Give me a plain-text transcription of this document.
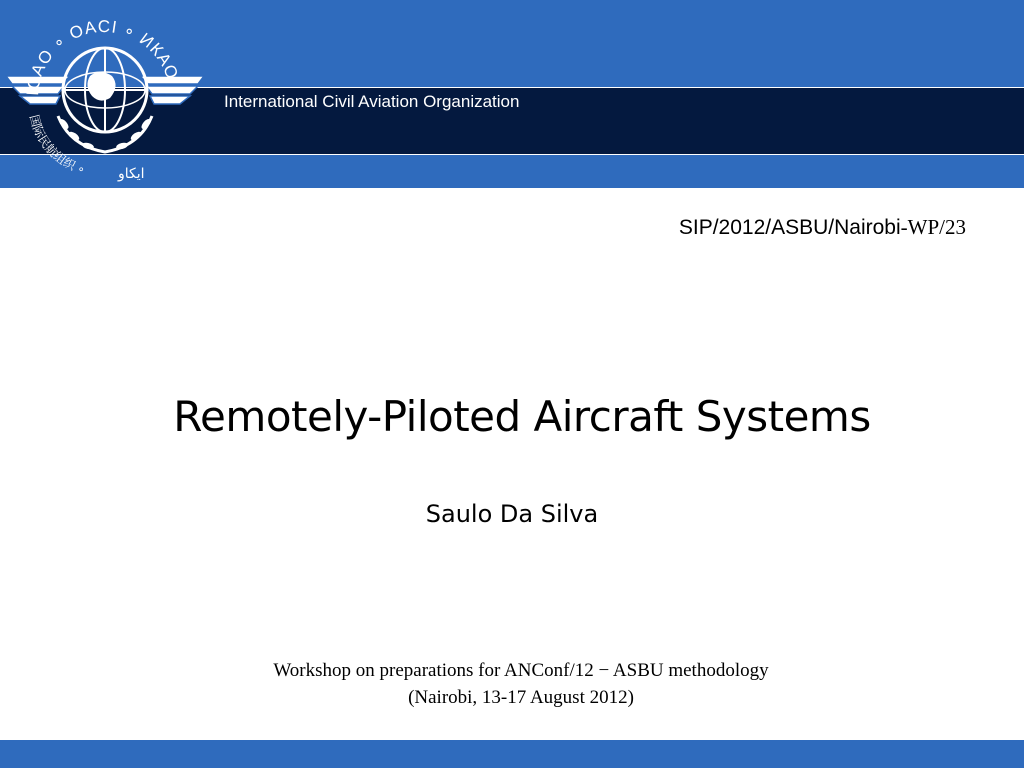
International Civil Aviation Organization
ICAO ∘ OACI ∘ ИКАО
国际民航组织 ∘ ايكاو
SIP/2012/ASBU/Nairobi-WP/23
Remotely-Piloted Aircraft Systems
Saulo Da Silva
Workshop on preparations for ANConf/12 − ASBU methodology
(Nairobi, 13-17 August 2012)
